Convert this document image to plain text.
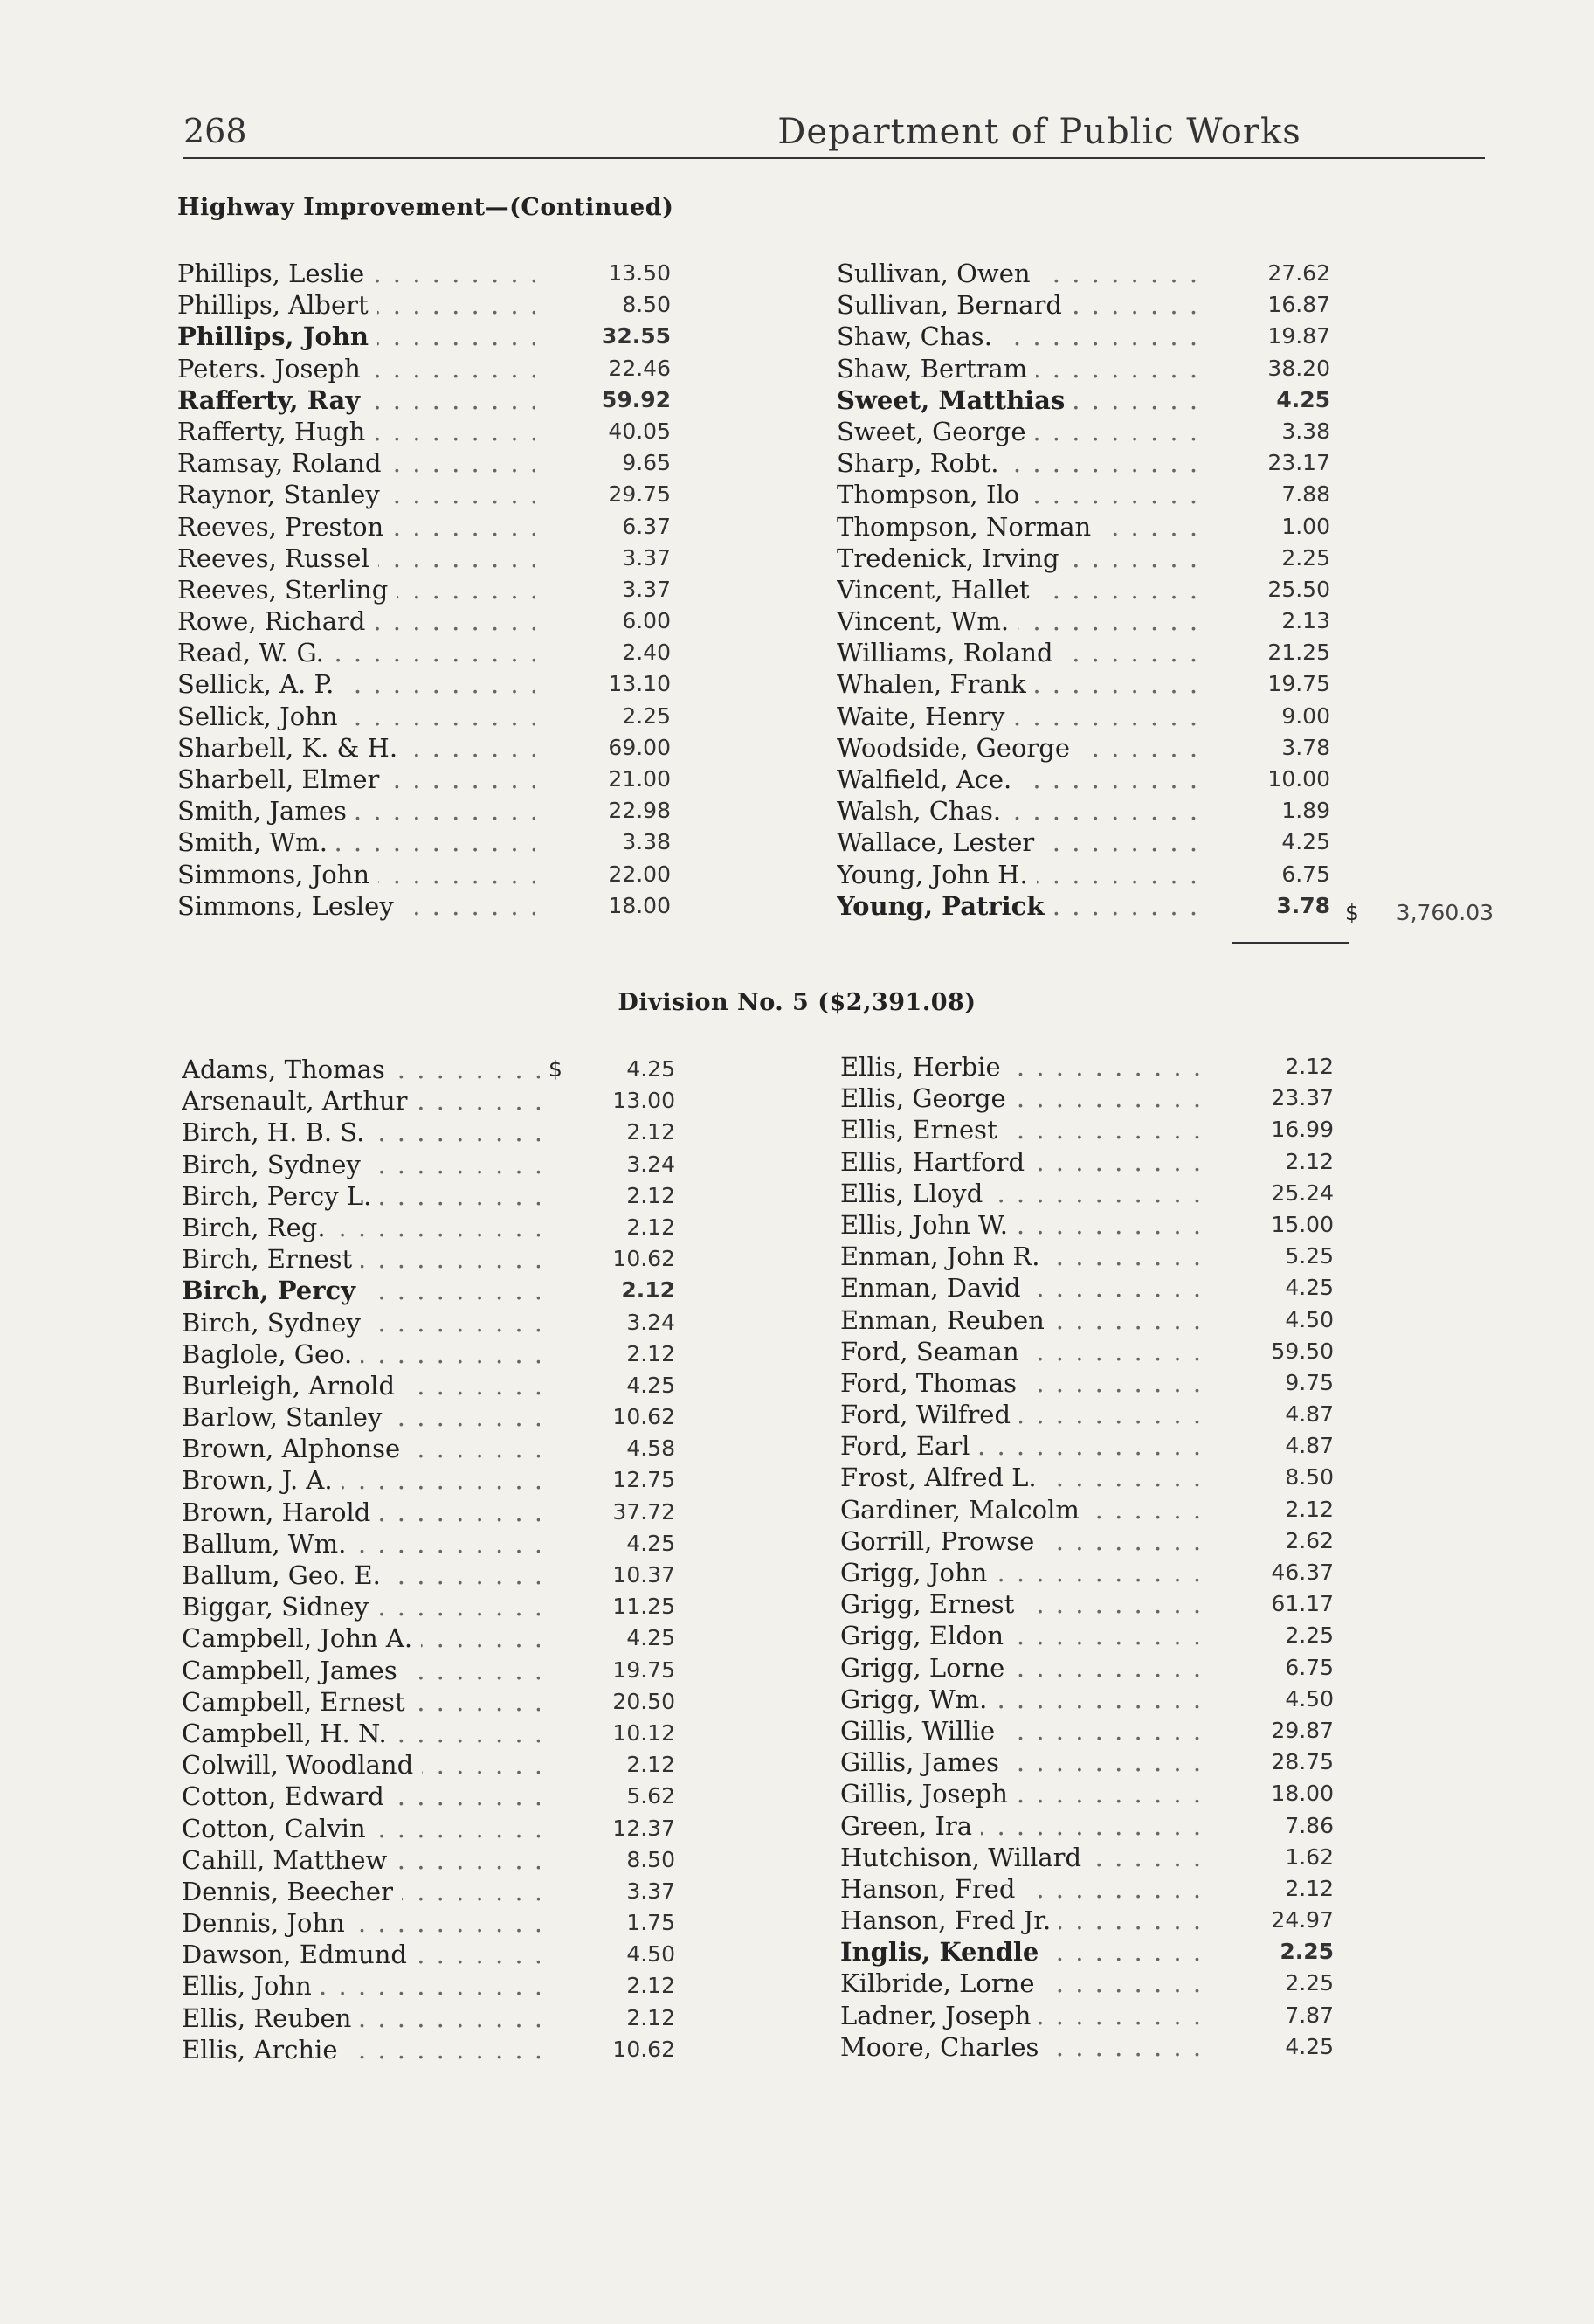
268	Department of Public Works
Highway Improvement—(Continued)
Phillips, Leslie . . .	13.50
Phillips, Albert . . .	8.50
Phillips, John . . .	32.55
Peters. Joseph . . .	22.46
Rafferty, Ray . . .	59.92
Rafferty, Hugh . . .	40.05
Ramsay, Roland . . .	9.65
Raynor, Stanley . . .	29.75
Reeves, Preston . . .	6.37
Reeves, Russel . . .	3.37
Reeves, Sterling . . .	3.37
Rowe, Richard . . .	6.00
Read, W. G. . . .	2.40
Sellick, A. P. . . .	13.10
Sellick, John . . .	2.25
Sharbell, K. & H. . . .	69.00
Sharbell, Elmer . . .	21.00
Smith, James . . .	22.98
Smith, Wm. . . .	3.38
Simmons, John . . .	22.00
Simmons, Lesley . . .	18.00
Sullivan, Owen . . .	27.62
Sullivan, Bernard . . .	16.87
Shaw, Chas. . . .	19.87
Shaw, Bertram . . .	38.20
Sweet, Matthias . . .	4.25
Sweet, George . . .	3.38
Sharp, Robt. . . .	23.17
Thompson, Ilo . . .	7.88
Thompson, Norman . . .	1.00
Tredenick, Irving . . .	2.25
Vincent, Hallet . . .	25.50
Vincent, Wm. . . .	2.13
Williams, Roland . . .	21.25
Whalen, Frank . . .	19.75
Waite, Henry . . .	9.00
Woodside, George . . .	3.78
Walfield, Ace. . . .	10.00
Walsh, Chas. . . .	1.89
Wallace, Lester . . .	4.25
Young, John H. . . .	6.75
Young, Patrick . . .	3.78 $	3,760.03
Division No. 5 ($2,391.08)
Adams, Thomas . . .	$	4.25
Arsenault, Arthur . . .	13.00
Birch, H. B. S. . . .	2.12
Birch, Sydney . . .	3.24
Birch, Percy L. . . .	2.12
Birch, Reg. . . .	2.12
Birch, Ernest . . .	10.62
Birch, Percy . . .	2.12
Birch, Sydney . . .	3.24
Baglole, Geo. . . .	2.12
Burleigh, Arnold . . .	4.25
Barlow, Stanley . . .	10.62
Brown, Alphonse . . .	4.58
Brown, J. A. . . .	12.75
Brown, Harold . . .	37.72
Ballum, Wm. . . .	4.25
Ballum, Geo. E. . . .	10.37
Biggar, Sidney . . .	11.25
Campbell, John A. . . .	4.25
Campbell, James . . .	19.75
Campbell, Ernest . . .	20.50
Campbell, H. N. . . .	10.12
Colwill, Woodland . . .	2.12
Cotton, Edward . . .	5.62
Cotton, Calvin . . .	12.37
Cahill, Matthew . . .	8.50
Dennis, Beecher . . .	3.37
Dennis, John . . .	1.75
Dawson, Edmund . . .	4.50
Ellis, John . . .	2.12
Ellis, Reuben . . .	2.12
Ellis, Archie . . .	10.62
Ellis, Herbie . . .	2.12
Ellis, George . . .	23.37
Ellis, Ernest . . .	16.99
Ellis, Hartford . . .	2.12
Ellis, Lloyd . . .	25.24
Ellis, John W. . . .	15.00
Enman, John R. . . .	5.25
Enman, David . . .	4.25
Enman, Reuben . . .	4.50
Ford, Seaman . . .	59.50
Ford, Thomas . . .	9.75
Ford, Wilfred . . .	4.87
Ford, Earl . . .	4.87
Frost, Alfred L. . . .	8.50
Gardiner, Malcolm . . .	2.12
Gorrill, Prowse . . .	2.62
Grigg, John . . .	46.37
Grigg, Ernest . . .	61.17
Grigg, Eldon . . .	2.25
Grigg, Lorne . . .	6.75
Grigg, Wm. . . .	4.50
Gillis, Willie . . .	29.87
Gillis, James . . .	28.75
Gillis, Joseph . . .	18.00
Green, Ira . . .	7.86
Hutchison, Willard . . .	1.62
Hanson, Fred . . .	2.12
Hanson, Fred Jr. . . .	24.97
Inglis, Kendle . . .	2.25
Kilbride, Lorne . . .	2.25
Ladner, Joseph . . .	7.87
Moore, Charles . . .	4.25
